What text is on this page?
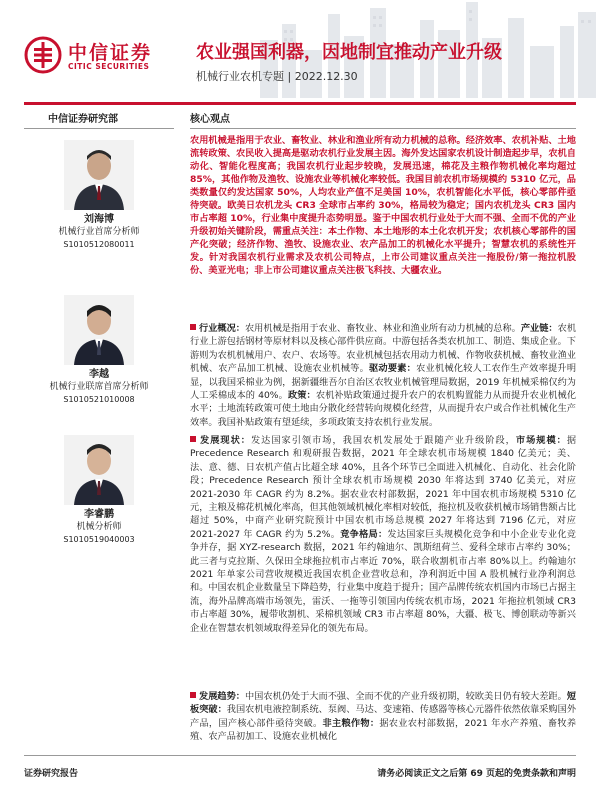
中信证券
CITIC SECURITIES
农业强国利器，因地制宜推动产业升级
机械行业农机专题 | 2022.12.30
中信证券研究部
刘海博
机械行业首席分析师
S1010512080011
李越
机械行业联席首席分析师
S1010521010008
李睿鹏
机械分析师
S1010519040003
核心观点
农用机械是指用于农业、畜牧业、林业和渔业所有动力机械的总称。经济效率、农机补贴、土地流转政策、农民收入提高是驱动农机行业发展主因。海外发达国家农机设计制造起步早，农机自动化、智能化程度高；我国农机行业起步较晚，发展迅速，棉花及主粮作物机械化率均超过 85%，其他作物及渔牧、设施农业等机械化率较低。我国目前农机市场规模约 5310 亿元，品类数量仅约发达国家 50%，人均农业产值不足美国 10%，农机智能化水平低，核心零部件亟待突破。欧美日农机龙头 CR3 全球市占率约 30%，格局较为稳定；国内农机龙头 CR3 国内市占率超 10%，行业集中度提升态势明显。鉴于中国农机行业处于大而不强、全而不优的产业升级初始关键阶段，需重点关注：本土作物、本土地形的本土化农机开发；农机核心零部件的国产化突破；经济作物、渔牧、设施农业、农产品加工的机械化水平提升；智慧农机的系统性开发。针对我国农机行业需求及农机公司特点，上市公司建议重点关注一拖股份/第一拖拉机股份、美亚光电；非上市公司建议重点关注极飞科技、大疆农业。
行业概况：农用机械是指用于农业、畜牧业、林业和渔业所有动力机械的总称。产业链：农机行业上游包括钢材等原材料以及核心部件供应商。中游包括各类农机加工、制造、集成企业。下游则为农机机械用户、农户、农场等。农业机械包括农用动力机械、作物收获机械、畜牧业渔业机械、农产品加工机械、设施农业机械等。驱动要素：农业机械化较人工农作生产效率提升明显，以我国采棉业为例，据新疆维吾尔自治区农牧业机械管理局数据，2019 年机械采棉仅约为人工采棉成本的 40%。政策：农机补贴政策通过提升农户的农机购置能力从而提升农业机械化水平；土地流转政策可使土地由分散化经营转向规模化经营，从而提升农户或合作社机械化生产效率。我国补贴政策有望延续，多项政策支持农机行业发展。
发展现状：发达国家引领市场，我国农机发展处于跟随产业升级阶段，市场规模：据 Precedence Research 和观研报告数据，2021 年全球农机市场规模 1840 亿美元；美、法、意、德、日农机产值占比超全球 40%，且各个环节已全面进入机械化、自动化、社会化阶段；Precedence Research 预计全球农机市场规模 2030 年将达到 3740 亿美元，对应 2021-2030 年 CAGR 约为 8.2%。据农业农村部数据，2021 年中国农机市场规模 5310 亿元，主粮及棉花机械化率高，但其他领域机械化率相对较低，拖拉机及收获机械市场销售额占比超过 50%，中商产业研究院预计中国农机市场总规模 2027 年将达到 7196 亿元，对应 2021-2027 年 CAGR 约为 5.2%。竞争格局：发达国家巨头规模化竞争和中小企业专业化竞争并存，据 XYZ-research 数据，2021 年约翰迪尔、凯斯纽荷兰、爱科全球市占率约 30%；此三者与克拉斯、久保田全球拖拉机市占率近 70%，联合收割机市占率 80%以上。约翰迪尔 2021 年单家公司营收规模近我国农机企业营收总和，净利润近中国 A 股机械行业净利润总和。中国农机企业数量呈下降趋势，行业集中度趋于提升；国产品牌传统农机国内市场已占据主流，海外品牌高端市场领先，雷沃、一拖等引领国内传统农机市场，2021 年拖拉机领域 CR3 市占率超 30%，履带收割机、采棉机领域 CR3 市占率超 80%，大疆、极飞、博创联动等新兴企业在智慧农机领域取得差异化的领先布局。
发展趋势：中国农机仍处于大而不强、全而不优的产业升级初期，较欧美日仍有较大差距。短板突破：我国农机电液控制系统、泵阀、马达、变速箱、传感器等核心元器件依然依靠采购国外产品，国产核心部件亟待突破。非主粮作物：据农业农村部数据，2021 年水产养殖、畜牧养殖、农产品初加工、设施农业机械化
证券研究报告	请务必阅读正文之后第 69 页起的免责条款和声明
